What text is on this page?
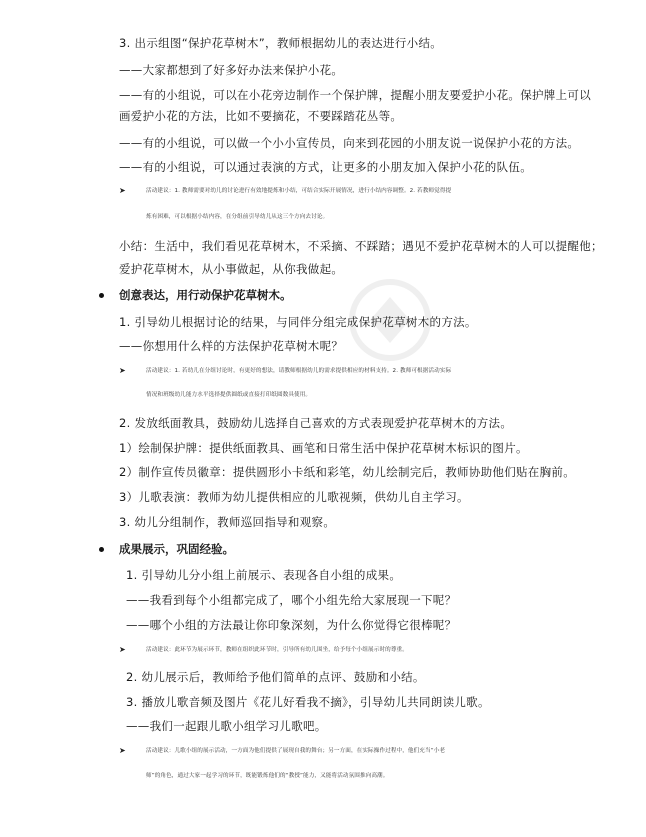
3. 出示组图“保护花草树木”，教师根据幼儿的表达进行小结。
——大家都想到了好多好办法来保护小花。
——有的小组说，可以在小花旁边制作一个保护牌，提醒小朋友要爱护小花。保护牌上可以
画爱护小花的方法，比如不要摘花，不要踩踏花丛等。
——有的小组说，可以做一个小小宣传员，向来到花园的小朋友说一说保护小花的方法。
——有的小组说，可以通过表演的方式，让更多的小朋友加入保护小花的队伍。
➤	活动建议：1. 教师需要对幼儿的讨论进行有效地提炼和小结，可结合实际开展情况，进行小结内容调整。2. 若教师觉得提
炼有困难，可以根据小结内容，在分组前引导幼儿从这三个方向去讨论。
小结：生活中，我们看见花草树木，不采摘、不踩踏；遇见不爱护花草树木的人可以提醒他；
爱护花草树木，从小事做起，从你我做起。
创意表达，用行动保护花草树木。
1. 引导幼儿根据讨论的结果，与同伴分组完成保护花草树木的方法。
——你想用什么样的方法保护花草树木呢？
➤	活动建议：1. 若幼儿在分组讨论时，有更好的想法，请教师根据幼儿的需求提供相应的材料支持。2. 教师可根据活动实际
情况和班级幼儿能力水平选择提供圆纸或直接打印纸圆数具使用。
2. 发放纸面教具，鼓励幼儿选择自己喜欢的方式表现爱护花草树木的方法。
1）绘制保护牌：提供纸面教具、画笔和日常生活中保护花草树木标识的图片。
2）制作宣传员徽章：提供圆形小卡纸和彩笔，幼儿绘制完后，教师协助他们贴在胸前。
3）儿歌表演：教师为幼儿提供相应的儿歌视频，供幼儿自主学习。
3. 幼儿分组制作，教师巡回指导和观察。
成果展示，巩固经验。
1. 引导幼儿分小组上前展示、表现各自小组的成果。
——我看到每个小组都完成了，哪个小组先给大家展现一下呢？
——哪个小组的方法最让你印象深刻，为什么你觉得它很棒呢？
➤	活动建议：此环节为展示环节，教师在组织此环节时，引导所有幼儿围坐，给予每个小组展示时的尊重。
2. 幼儿展示后，教师给予他们简单的点评、鼓励和小结。
3. 播放儿歌音频及图片《花儿好看我不摘》，引导幼儿共同朗读儿歌。
——我们一起跟儿歌小组学习儿歌吧。
➤	活动建议：儿歌小组的展示活动，一方面为他们提供了展现自我的舞台；另一方面，在实际操作过程中，他们充当“小老
师”的角色，通过大家一起学习的环节，既能锻炼他们的“教授”能力，又能将活动氛围推向高潮。
